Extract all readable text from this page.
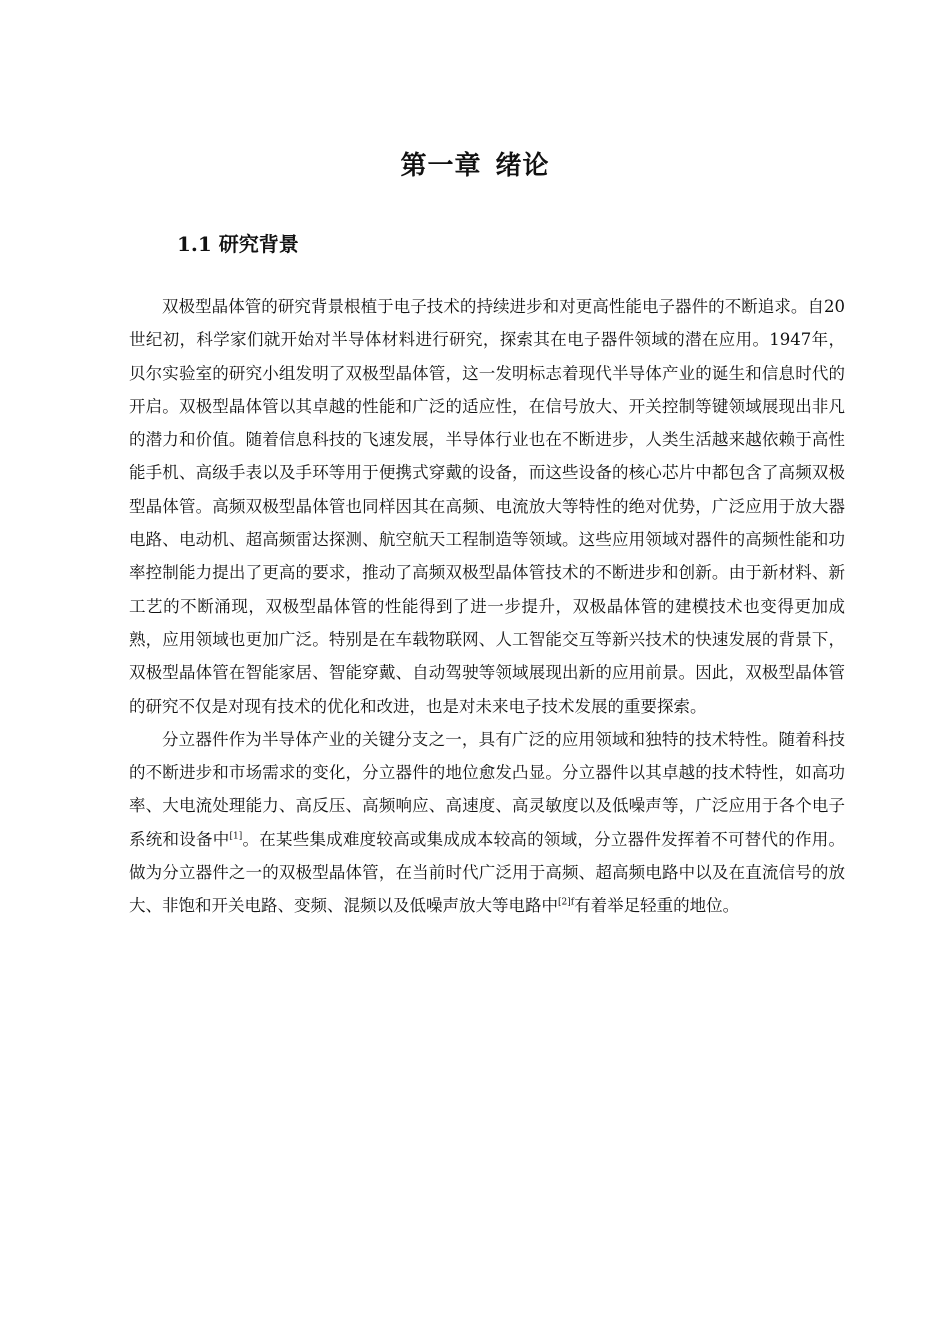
第一章 绪论
1.1 研究背景

双极型晶体管的研究背景根植于电子技术的持续进步和对更高性能电子器件的不断追求。自20世纪初，科学家们就开始对半导体材料进行研究，探索其在电子器件领域的潜在应用。1947年，贝尔实验室的研究小组发明了双极型晶体管，这一发明标志着现代半导体产业的诞生和信息时代的开启。双极型晶体管以其卓越的性能和广泛的适应性，在信号放大、开关控制等键领域展现出非凡的潜力和价值。随着信息科技的飞速发展，半导体行业也在不断进步，人类生活越来越依赖于高性能手机、高级手表以及手环等用于便携式穿戴的设备，而这些设备的核心芯片中都包含了高频双极型晶体管。高频双极型晶体管也同样因其在高频、电流放大等特性的绝对优势，广泛应用于放大器电路、电动机、超高频雷达探测、航空航天工程制造等领域。这些应用领域对器件的高频性能和功率控制能力提出了更高的要求，推动了高频双极型晶体管技术的不断进步和创新。由于新材料、新工艺的不断涌现，双极型晶体管的性能得到了进一步提升，双极晶体管的建模技术也变得更加成熟，应用领域也更加广泛。特别是在车载物联网、人工智能交互等新兴技术的快速发展的背景下，双极型晶体管在智能家居、智能穿戴、自动驾驶等领域展现出新的应用前景。因此，双极型晶体管的研究不仅是对现有技术的优化和改进，也是对未来电子技术发展的重要探索。

分立器件作为半导体产业的关键分支之一，具有广泛的应用领域和独特的技术特性。随着科技的不断进步和市场需求的变化，分立器件的地位愈发凸显。分立器件以其卓越的技术特性，如高功率、大电流处理能力、高反压、高频响应、高速度、高灵敏度以及低噪声等，广泛应用于各个电子系统和设备中[1]。在某些集成难度较高或集成成本较高的领域，分立器件发挥着不可替代的作用。做为分立器件之一的双极型晶体管，在当前时代广泛用于高频、超高频电路中以及在直流信号的放大、非饱和开关电路、变频、混频以及低噪声放大等电路中$^{[2]f}$有着举足轻重的地位。
